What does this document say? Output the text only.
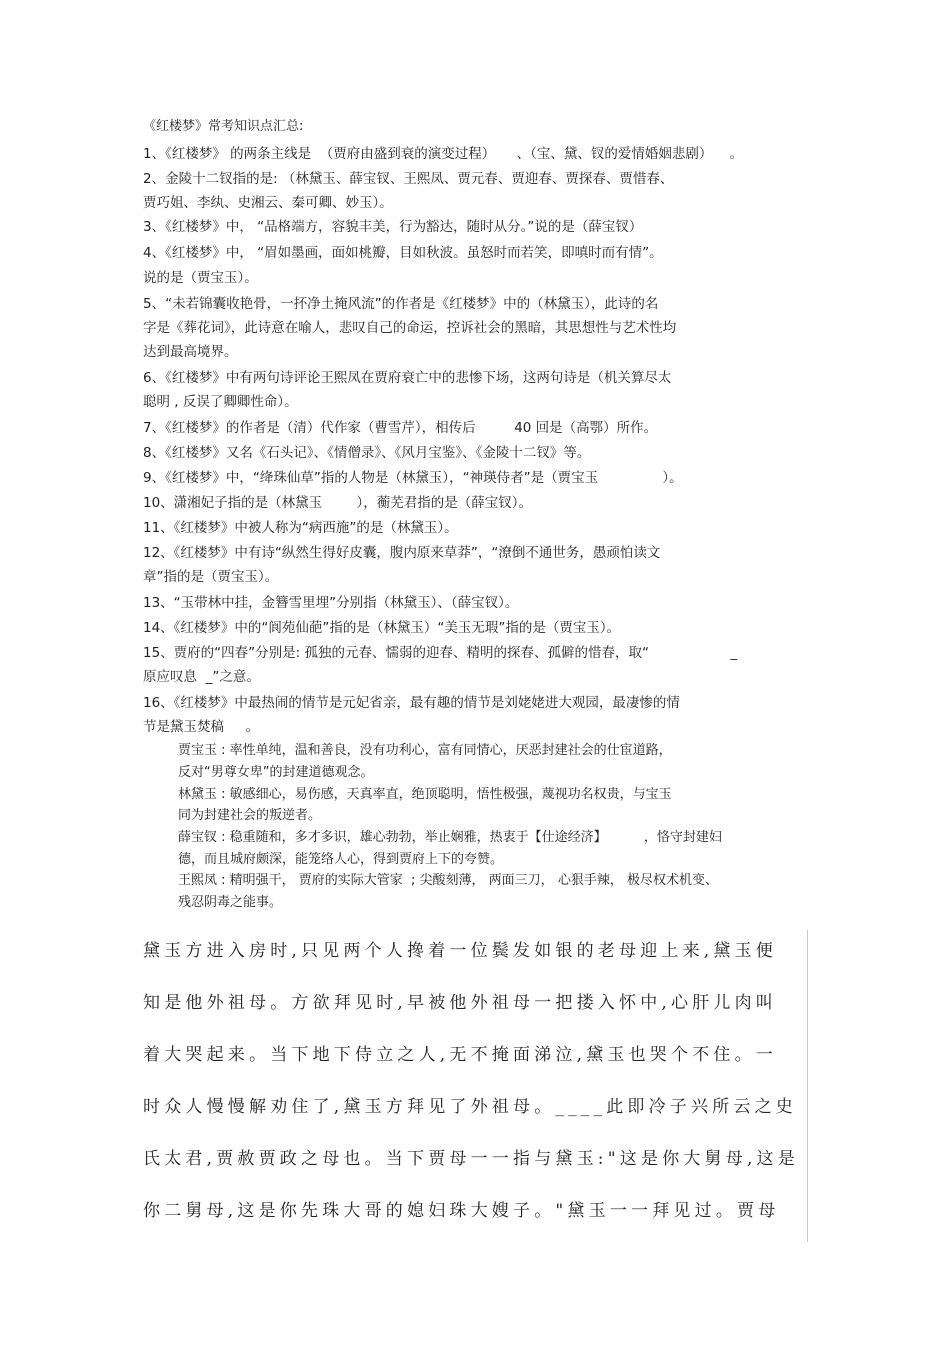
《红楼梦》常考知识点汇总:
1、《红楼梦》 的两条主线是  （贾府由盛到衰的演变过程）     、（宝、黛、钗的爱情婚姻悲剧）    。
2、金陵十二钗指的是: （林黛玉、薛宝钗、王熙凤、贾元春、贾迎春、贾探春、贾惜春、
贾巧姐、李纨、史湘云、秦可卿、妙玉）。
3、《红楼梦》中， “品格端方，容貌丰美，行为豁达，随时从分。”说的是（薛宝钗）
4、《红楼梦》中， “眉如墨画，面如桃瓣，目如秋波。虽怒时而若笑，即嗔时而有情”。
说的是（贾宝玉）。
5、“未若锦囊收艳骨，一抔净土掩风流”的作者是《红楼梦》中的（林黛玉），此诗的名
字是《葬花词》，此诗意在喻人，悲叹自己的命运，控诉社会的黑暗，其思想性与艺术性均
达到最高境界。
6、《红楼梦》中有两句诗评论王熙凤在贾府衰亡中的悲惨下场，这两句诗是（机关算尽太
聪明 , 反误了卿卿性命）。
7、《红楼梦》的作者是（清）代作家（曹雪芹），相传后         40 回是（高鄂）所作。
8、《红楼梦》又名《石头记》、《情僧录》、《风月宝鉴》、《金陵十二钗》等。
9、《红楼梦》中，“绛珠仙草”指的人物是（林黛玉），“神瑛侍者”是（贾宝玉               ）。
10、潇湘妃子指的是（林黛玉        ），蘅芜君指的是（薛宝钗）。
11、《红楼梦》中被人称为“病西施”的是（林黛玉）。
12、《红楼梦》中有诗“纵然生得好皮囊，腹内原来草莽”，“潦倒不通世务，愚顽怕读文
章”指的是（贾宝玉）。
13、“玉带林中挂，金簪雪里埋”分别指（林黛玉）、（薛宝钗）。
14、《红楼梦》中的“阆苑仙葩”指的是（林黛玉）“美玉无瑕”指的是（贾宝玉）。
15、贾府的“四春”分别是: 孤独的元春、懦弱的迎春、精明的探春、孤僻的惜春，取“                   _
原应叹息  _”之意。
16、《红楼梦》中最热闹的情节是元妃省亲，最有趣的情节是刘姥姥进大观园，最凄惨的情
节是黛玉焚稿     。
贾宝玉 : 率性单纯，温和善良，没有功利心，富有同情心，厌恶封建社会的仕宦道路，
反对“男尊女卑”的封建道德观念。
林黛玉 : 敏感细心，易伤感，天真率直，绝顶聪明，悟性极强，蔑视功名权贵，与宝玉
同为封建社会的叛逆者。
薛宝钗 : 稳重随和，多才多识，雄心勃勃，举止娴雅，热衷于【仕途经济】         ，恪守封建妇
德，而且城府颇深，能笼络人心，得到贾府上下的夸赞。
王熙凤 : 精明强干， 贾府的实际大管家  ; 尖酸刻薄， 两面三刀， 心狠手辣， 极尽权术机变、
残忍阴毒之能事。
黛玉方进入房时,只见两个人搀着一位鬓发如银的老母迎上来,黛玉便
知是他外祖母。方欲拜见时,早被他外祖母一把搂入怀中,心肝儿肉叫
着大哭起来。当下地下侍立之人,无不掩面涕泣,黛玉也哭个不住。一
时众人慢慢解劝住了,黛玉方拜见了外祖母。____此即冷子兴所云之史
氏太君,贾赦贾政之母也。当下贾母一一指与黛玉:"这是你大舅母,这是
你二舅母,这是你先珠大哥的媳妇珠大嫂子。"黛玉一一拜见过。贾母
